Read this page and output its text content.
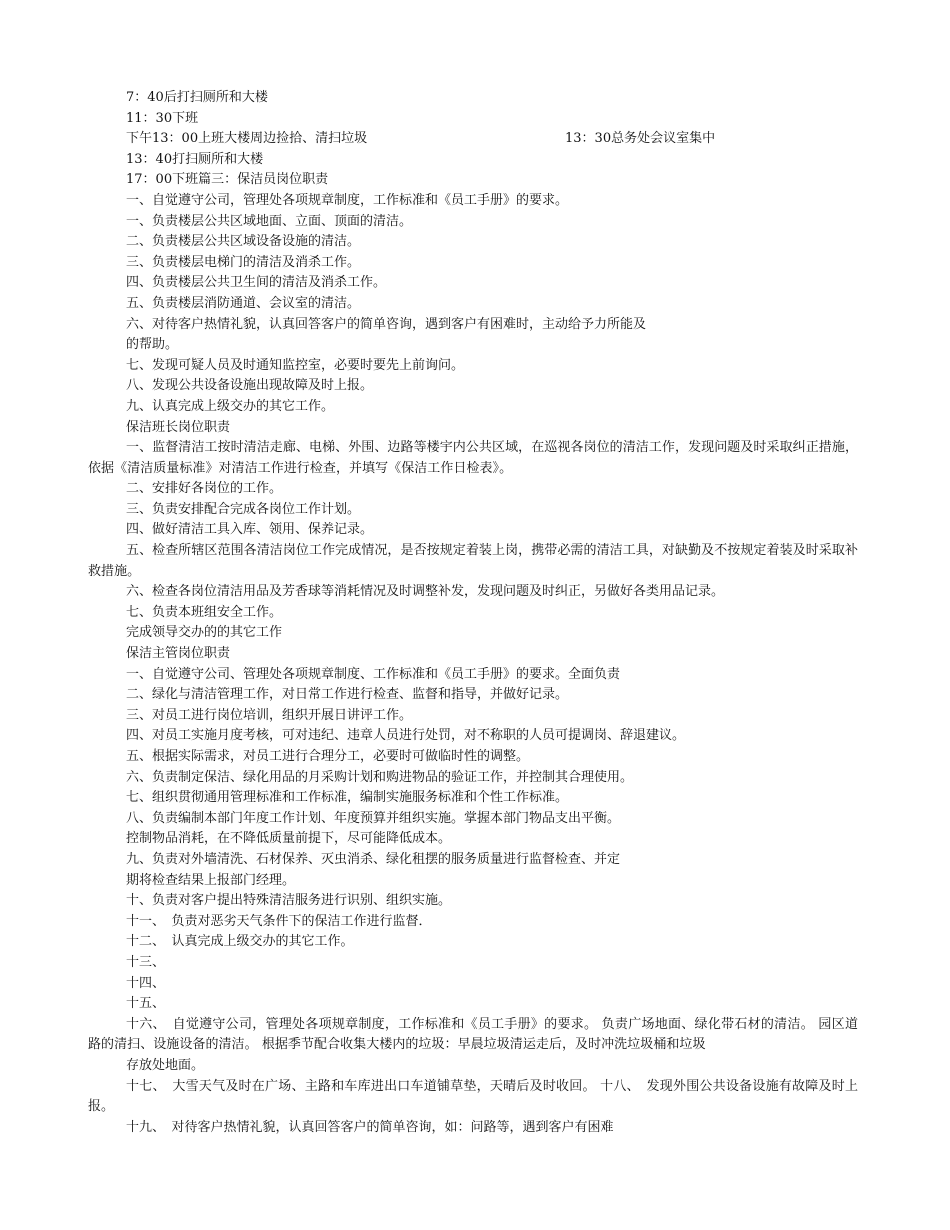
7：40后打扫厕所和大楼
11：30下班
下午13：00上班大楼周边捡拾、清扫垃圾	13：30总务处会议室集中
13：40打扫厕所和大楼
17：00下班篇三：保洁员岗位职责
一、自觉遵守公司，管理处各项规章制度，工作标准和《员工手册》的要求。
一、负责楼层公共区域地面、立面、顶面的清洁。
二、负责楼层公共区域设备设施的清洁。
三、负责楼层电梯门的清洁及消杀工作。
四、负责楼层公共卫生间的清洁及消杀工作。
五、负责楼层消防通道、会议室的清洁。
六、对待客户热情礼貌，认真回答客户的简单咨询，遇到客户有困难时，主动给予力所能及
的帮助。
七、发现可疑人员及时通知监控室，必要时要先上前询问。
八、发现公共设备设施出现故障及时上报。
九、认真完成上级交办的其它工作。
保洁班长岗位职责
一、监督清洁工按时清洁走廊、电梯、外围、边路等楼宇内公共区域，在巡视各岗位的清洁工作，发现问题及时采取纠正措施，依据《清洁质量标准》对清洁工作进行检查，并填写《保洁工作日检表》。
二、安排好各岗位的工作。
三、负责安排配合完成各岗位工作计划。
四、做好清洁工具入库、领用、保养记录。
五、检查所辖区范围各清洁岗位工作完成情况，是否按规定着装上岗，携带必需的清洁工具，对缺勤及不按规定着装及时采取补救措施。
六、检查各岗位清洁用品及芳香球等消耗情况及时调整补发，发现问题及时纠正，另做好各类用品记录。
七、负责本班组安全工作。
完成领导交办的的其它工作
保洁主管岗位职责
一、自觉遵守公司、管理处各项规章制度、工作标准和《员工手册》的要求。全面负责
二、绿化与清洁管理工作，对日常工作进行检查、监督和指导，并做好记录。
三、对员工进行岗位培训，组织开展日讲评工作。
四、对员工实施月度考核，可对违纪、违章人员进行处罚，对不称职的人员可提调岗、辞退建议。
五、根据实际需求，对员工进行合理分工，必要时可做临时性的调整。
六、负责制定保洁、绿化用品的月采购计划和购进物品的验证工作，并控制其合理使用。
七、组织贯彻通用管理标准和工作标准，编制实施服务标准和个性工作标准。
八、负责编制本部门年度工作计划、年度预算并组织实施。掌握本部门物品支出平衡。
控制物品消耗，在不降低质量前提下，尽可能降低成本。
九、负责对外墙清洗、石材保养、灭虫消杀、绿化租摆的服务质量进行监督检查、并定
期将检查结果上报部门经理。
十、负责对客户提出特殊清洁服务进行识别、组织实施。
十一、　负责对恶劣天气条件下的保洁工作进行监督．
十二、　认真完成上级交办的其它工作。
十三、
十四、
十五、
十六、　自觉遵守公司，管理处各项规章制度，工作标准和《员工手册》的要求。 负责广场地面、绿化带石材的清洁。 园区道路的清扫、设施设备的清洁。 根据季节配合收集大楼内的垃圾：早晨垃圾清运走后，及时冲洗垃圾桶和垃圾
存放处地面。
十七、　大雪天气及时在广场、主路和车库进出口车道铺草垫，天晴后及时收回。 十八、　发现外围公共设备设施有故障及时上报。
十九、　对待客户热情礼貌，认真回答客户的简单咨询，如：问路等，遇到客户有困难
